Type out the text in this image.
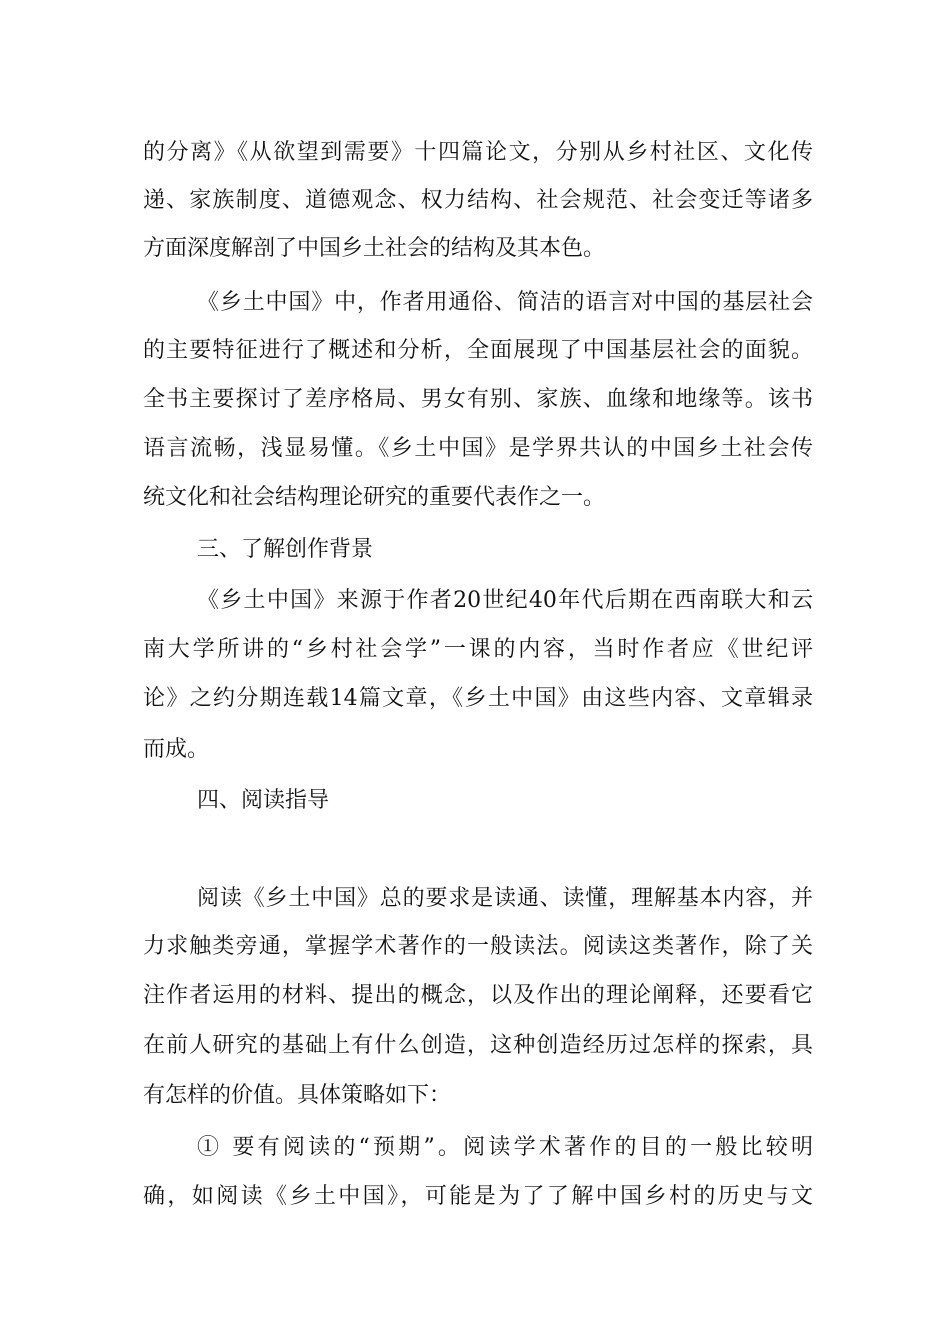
的分离》《从欲望到需要》十四篇论文，分别从乡村社区、文化传
递、家族制度、道德观念、权力结构、社会规范、社会变迁等诸多
方面深度解剖了中国乡土社会的结构及其本色。
《乡土中国》中，作者用通俗、简洁的语言对中国的基层社会
的主要特征进行了概述和分析，全面展现了中国基层社会的面貌。
全书主要探讨了差序格局、男女有别、家族、血缘和地缘等。该书
语言流畅，浅显易懂。《乡土中国》是学界共认的中国乡土社会传
统文化和社会结构理论研究的重要代表作之一。
三、了解创作背景
《乡土中国》来源于作者20世纪40年代后期在西南联大和云
南大学所讲的“乡村社会学”一课的内容，当时作者应《世纪评
论》之约分期连载14篇文章，《乡土中国》由这些内容、文章辑录
而成。
四、阅读指导
阅读《乡土中国》总的要求是读通、读懂，理解基本内容，并
力求触类旁通，掌握学术著作的一般读法。阅读这类著作，除了关
注作者运用的材料、提出的概念，以及作出的理论阐释，还要看它
在前人研究的基础上有什么创造，这种创造经历过怎样的探索，具
有怎样的价值。具体策略如下：
① 要有阅读的“预期”。阅读学术著作的目的一般比较明
确，如阅读《乡土中国》，可能是为了了解中国乡村的历史与文
